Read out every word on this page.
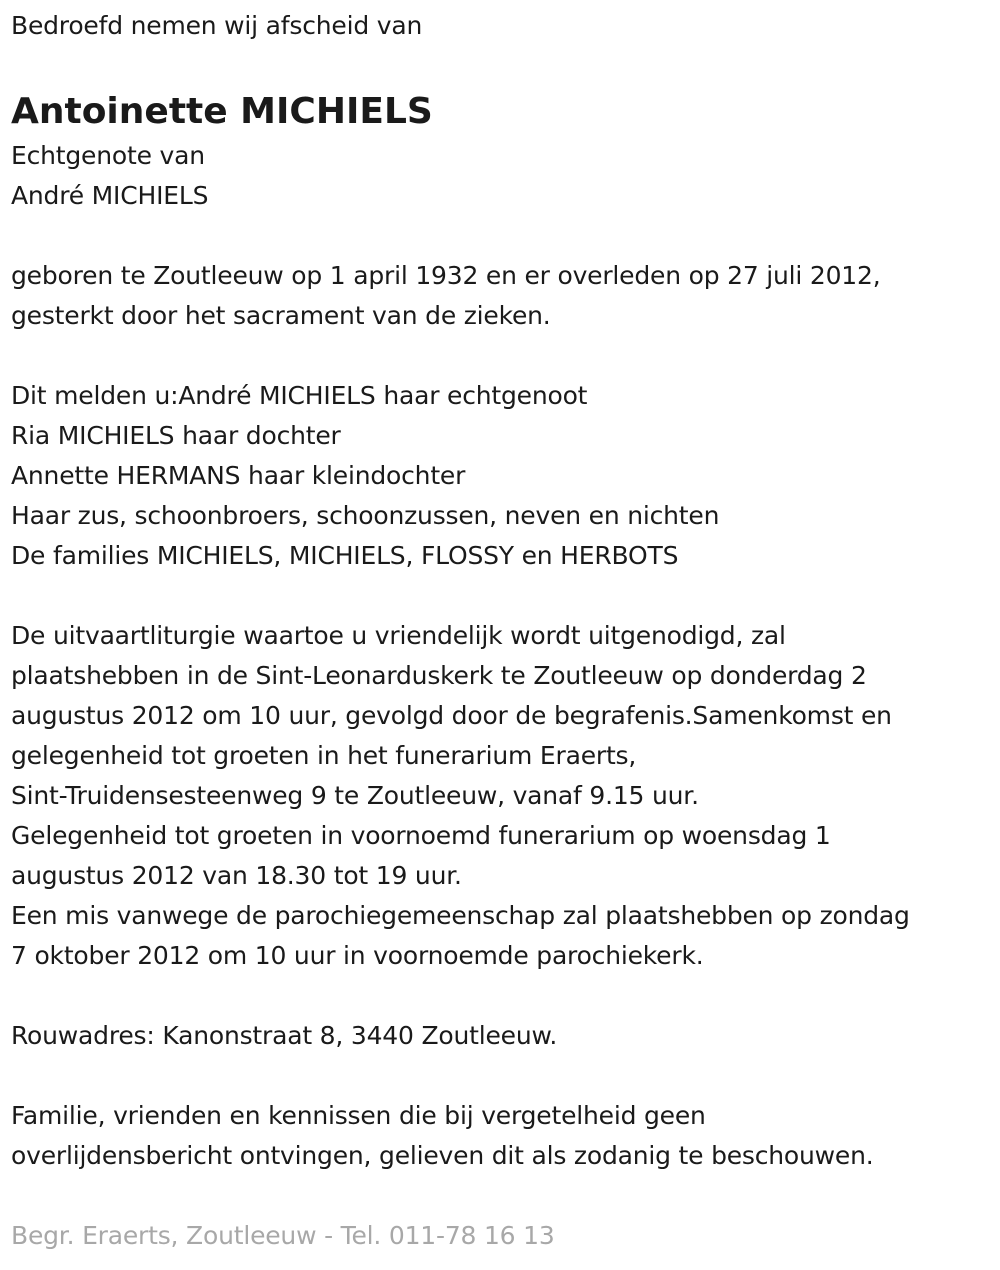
Bedroefd nemen wij afscheid van
Antoinette MICHIELS
Echtgenote van
André MICHIELS
geboren te Zoutleeuw op 1 april 1932 en er overleden op 27 juli 2012,
gesterkt door het sacrament van de zieken.
Dit melden u:André MICHIELS haar echtgenoot
Ria MICHIELS haar dochter
Annette HERMANS haar kleindochter
Haar zus, schoonbroers, schoonzussen, neven en nichten
De families MICHIELS, MICHIELS, FLOSSY en HERBOTS
De uitvaartliturgie waartoe u vriendelijk wordt uitgenodigd, zal
plaatshebben in de Sint-Leonarduskerk te Zoutleeuw op donderdag 2
augustus 2012 om 10 uur, gevolgd door de begrafenis.Samenkomst en
gelegenheid tot groeten in het funerarium Eraerts,
Sint-Truidensesteenweg 9 te Zoutleeuw, vanaf 9.15 uur.
Gelegenheid tot groeten in voornoemd funerarium op woensdag 1
augustus 2012 van 18.30 tot 19 uur.
Een mis vanwege de parochiegemeenschap zal plaatshebben op zondag
7 oktober 2012 om 10 uur in voornoemde parochiekerk.
Rouwadres: Kanonstraat 8, 3440 Zoutleeuw.
Familie, vrienden en kennissen die bij vergetelheid geen
overlijdensbericht ontvingen, gelieven dit als zodanig te beschouwen.
Begr. Eraerts, Zoutleeuw - Tel. 011-78 16 13
